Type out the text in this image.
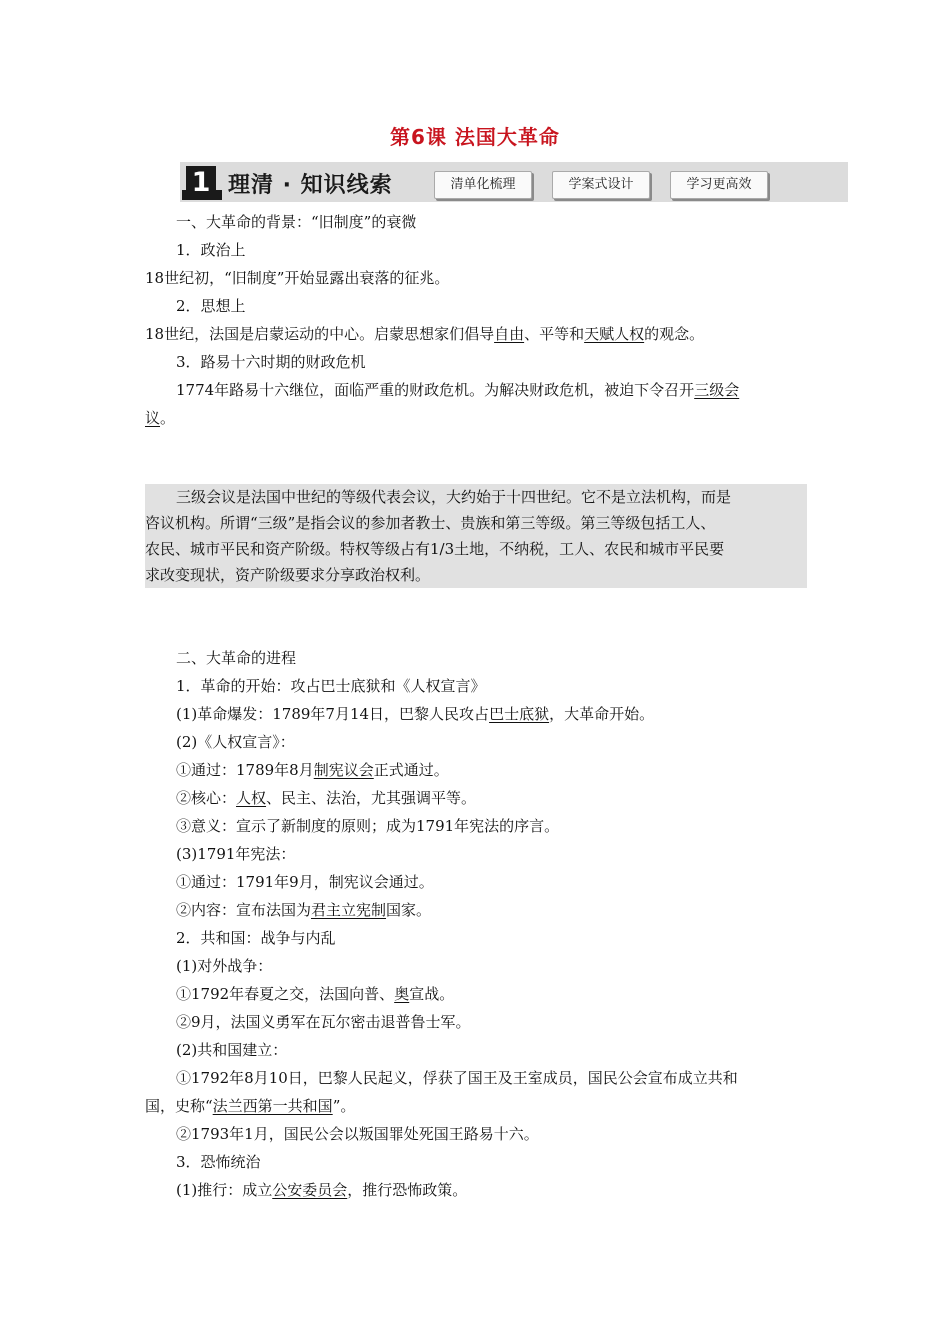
第6课 法国大革命
1 理清 · 知识线索	清单化梳理	学案式设计	学习更高效
一、大革命的背景：“旧制度”的衰微
1．政治上
18世纪初，“旧制度”开始显露出衰落的征兆。
2．思想上
18世纪，法国是启蒙运动的中心。启蒙思想家们倡导自由、平等和天赋人权的观念。
3．路易十六时期的财政危机
1774年路易十六继位，面临严重的财政危机。为解决财政危机，被迫下令召开三级会
议。
三级会议是法国中世纪的等级代表会议，大约始于十四世纪。它不是立法机构，而是
咨议机构。所谓“三级”是指会议的参加者教士、贵族和第三等级。第三等级包括工人、
农民、城市平民和资产阶级。特权等级占有1/3土地，不纳税，工人、农民和城市平民要
求改变现状，资产阶级要求分享政治权利。
二、大革命的进程
1．革命的开始：攻占巴士底狱和《人权宣言》
(1)革命爆发：1789年7月14日，巴黎人民攻占巴士底狱，大革命开始。
(2)《人权宣言》：
①通过：1789年8月制宪议会正式通过。
②核心：人权、民主、法治，尤其强调平等。
③意义：宣示了新制度的原则；成为1791年宪法的序言。
(3)1791年宪法：
①通过：1791年9月，制宪议会通过。
②内容：宣布法国为君主立宪制国家。
2．共和国：战争与内乱
(1)对外战争：
①1792年春夏之交，法国向普、奥宣战。
②9月，法国义勇军在瓦尔密击退普鲁士军。
(2)共和国建立：
①1792年8月10日，巴黎人民起义，俘获了国王及王室成员，国民公会宣布成立共和
国，史称“法兰西第一共和国”。
②1793年1月，国民公会以叛国罪处死国王路易十六。
3．恐怖统治
(1)推行：成立公安委员会，推行恐怖政策。
